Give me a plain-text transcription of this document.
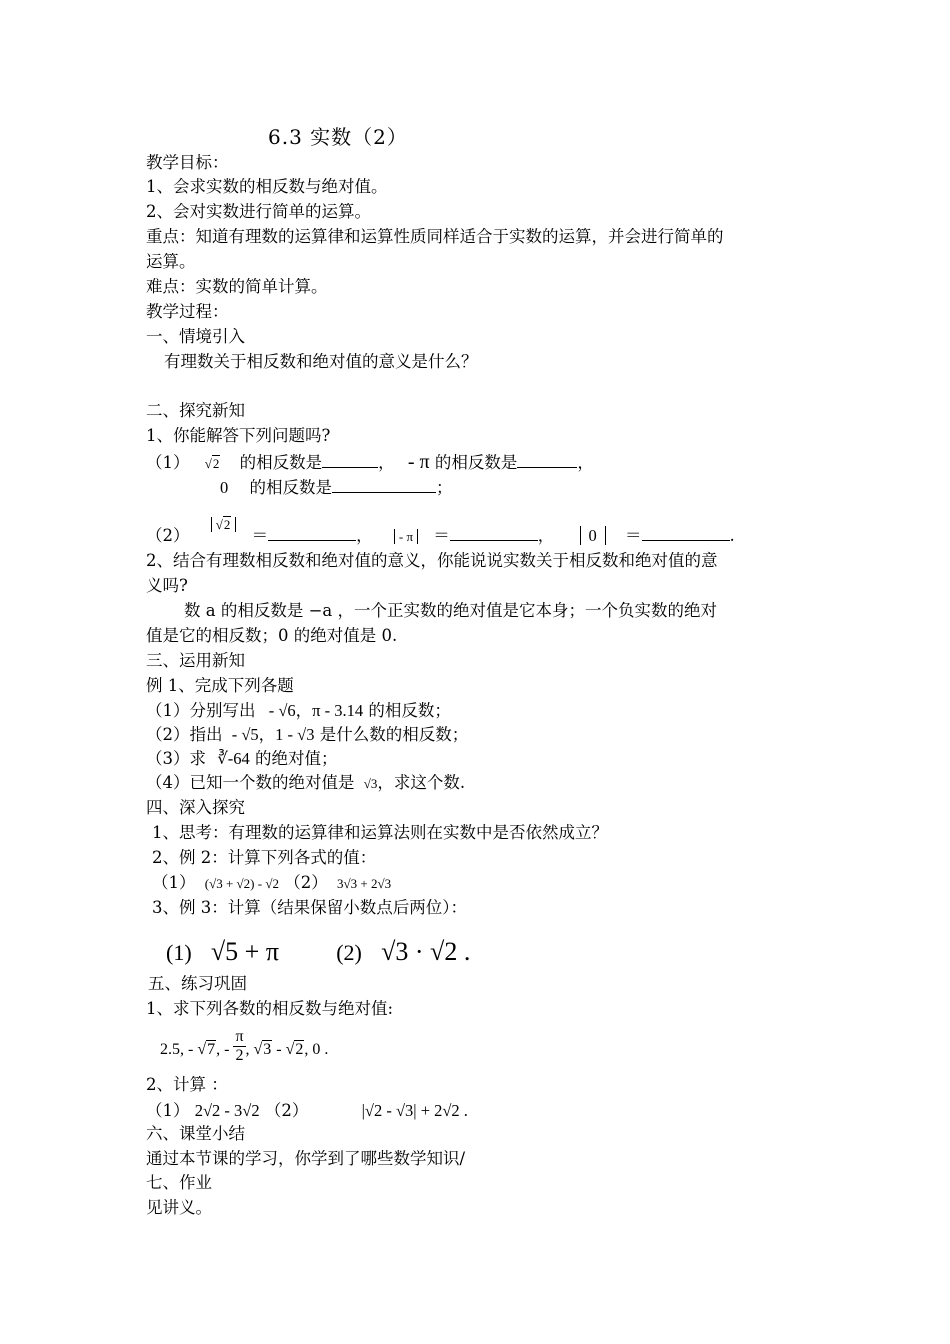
6.3 实数（2）
教学目标：
1、会求实数的相反数与绝对值。
2、会对实数进行简单的运算。
重点：知道有理数的运算律和运算性质同样适合于实数的运算，并会进行简单的
运算。
难点：实数的简单计算。
教学过程：
一、情境引入
有理数关于相反数和绝对值的意义是什么？
二、探究新知
1、你能解答下列问题吗?
（1） √2 的相反数是	， - π 的相反数是	，
0 的相反数是	；
（2） $^{√2}$ ＝	， - π ＝	， 0 ＝	.
2、结合有理数相反数和绝对值的意义，你能说说实数关于相反数和绝对值的意
义吗?
数 a 的相反数是 −a ，一个正实数的绝对值是它本身；一个负实数的绝对
值是它的相反数；0 的绝对值是 0.
三、运用新知
例 1、完成下列各题
（1）分别写出 - √6，π - 3.14 的相反数；
（2）指出 - √5，1 - √3 是什么数的相反数；
（3）求 ∛-64 的绝对值；
（4）已知一个数的绝对值是 √3，求这个数.
四、深入探究
1、思考：有理数的运算律和运算法则在实数中是否依然成立？
2、例 2：计算下列各式的值：
（1） (√3 + √2) - √2 （2） 3√3 + 2√3
3、例 3：计算（结果保留小数点后两位）：
(1) √5 + π	(2) √3 · √2 .
五、练习巩固
1、求下列各数的相反数与绝对值:
2.5, - √7, - $\frac{\pi}{2}$ , √3 - √2, 0 .
2、计算 ：
（1） 2√2 - 3√2 （2）	|√2 - √3| + 2√2 .
六、课堂小结
通过本节课的学习，你学到了哪些数学知识/
七、作业
见讲义。
